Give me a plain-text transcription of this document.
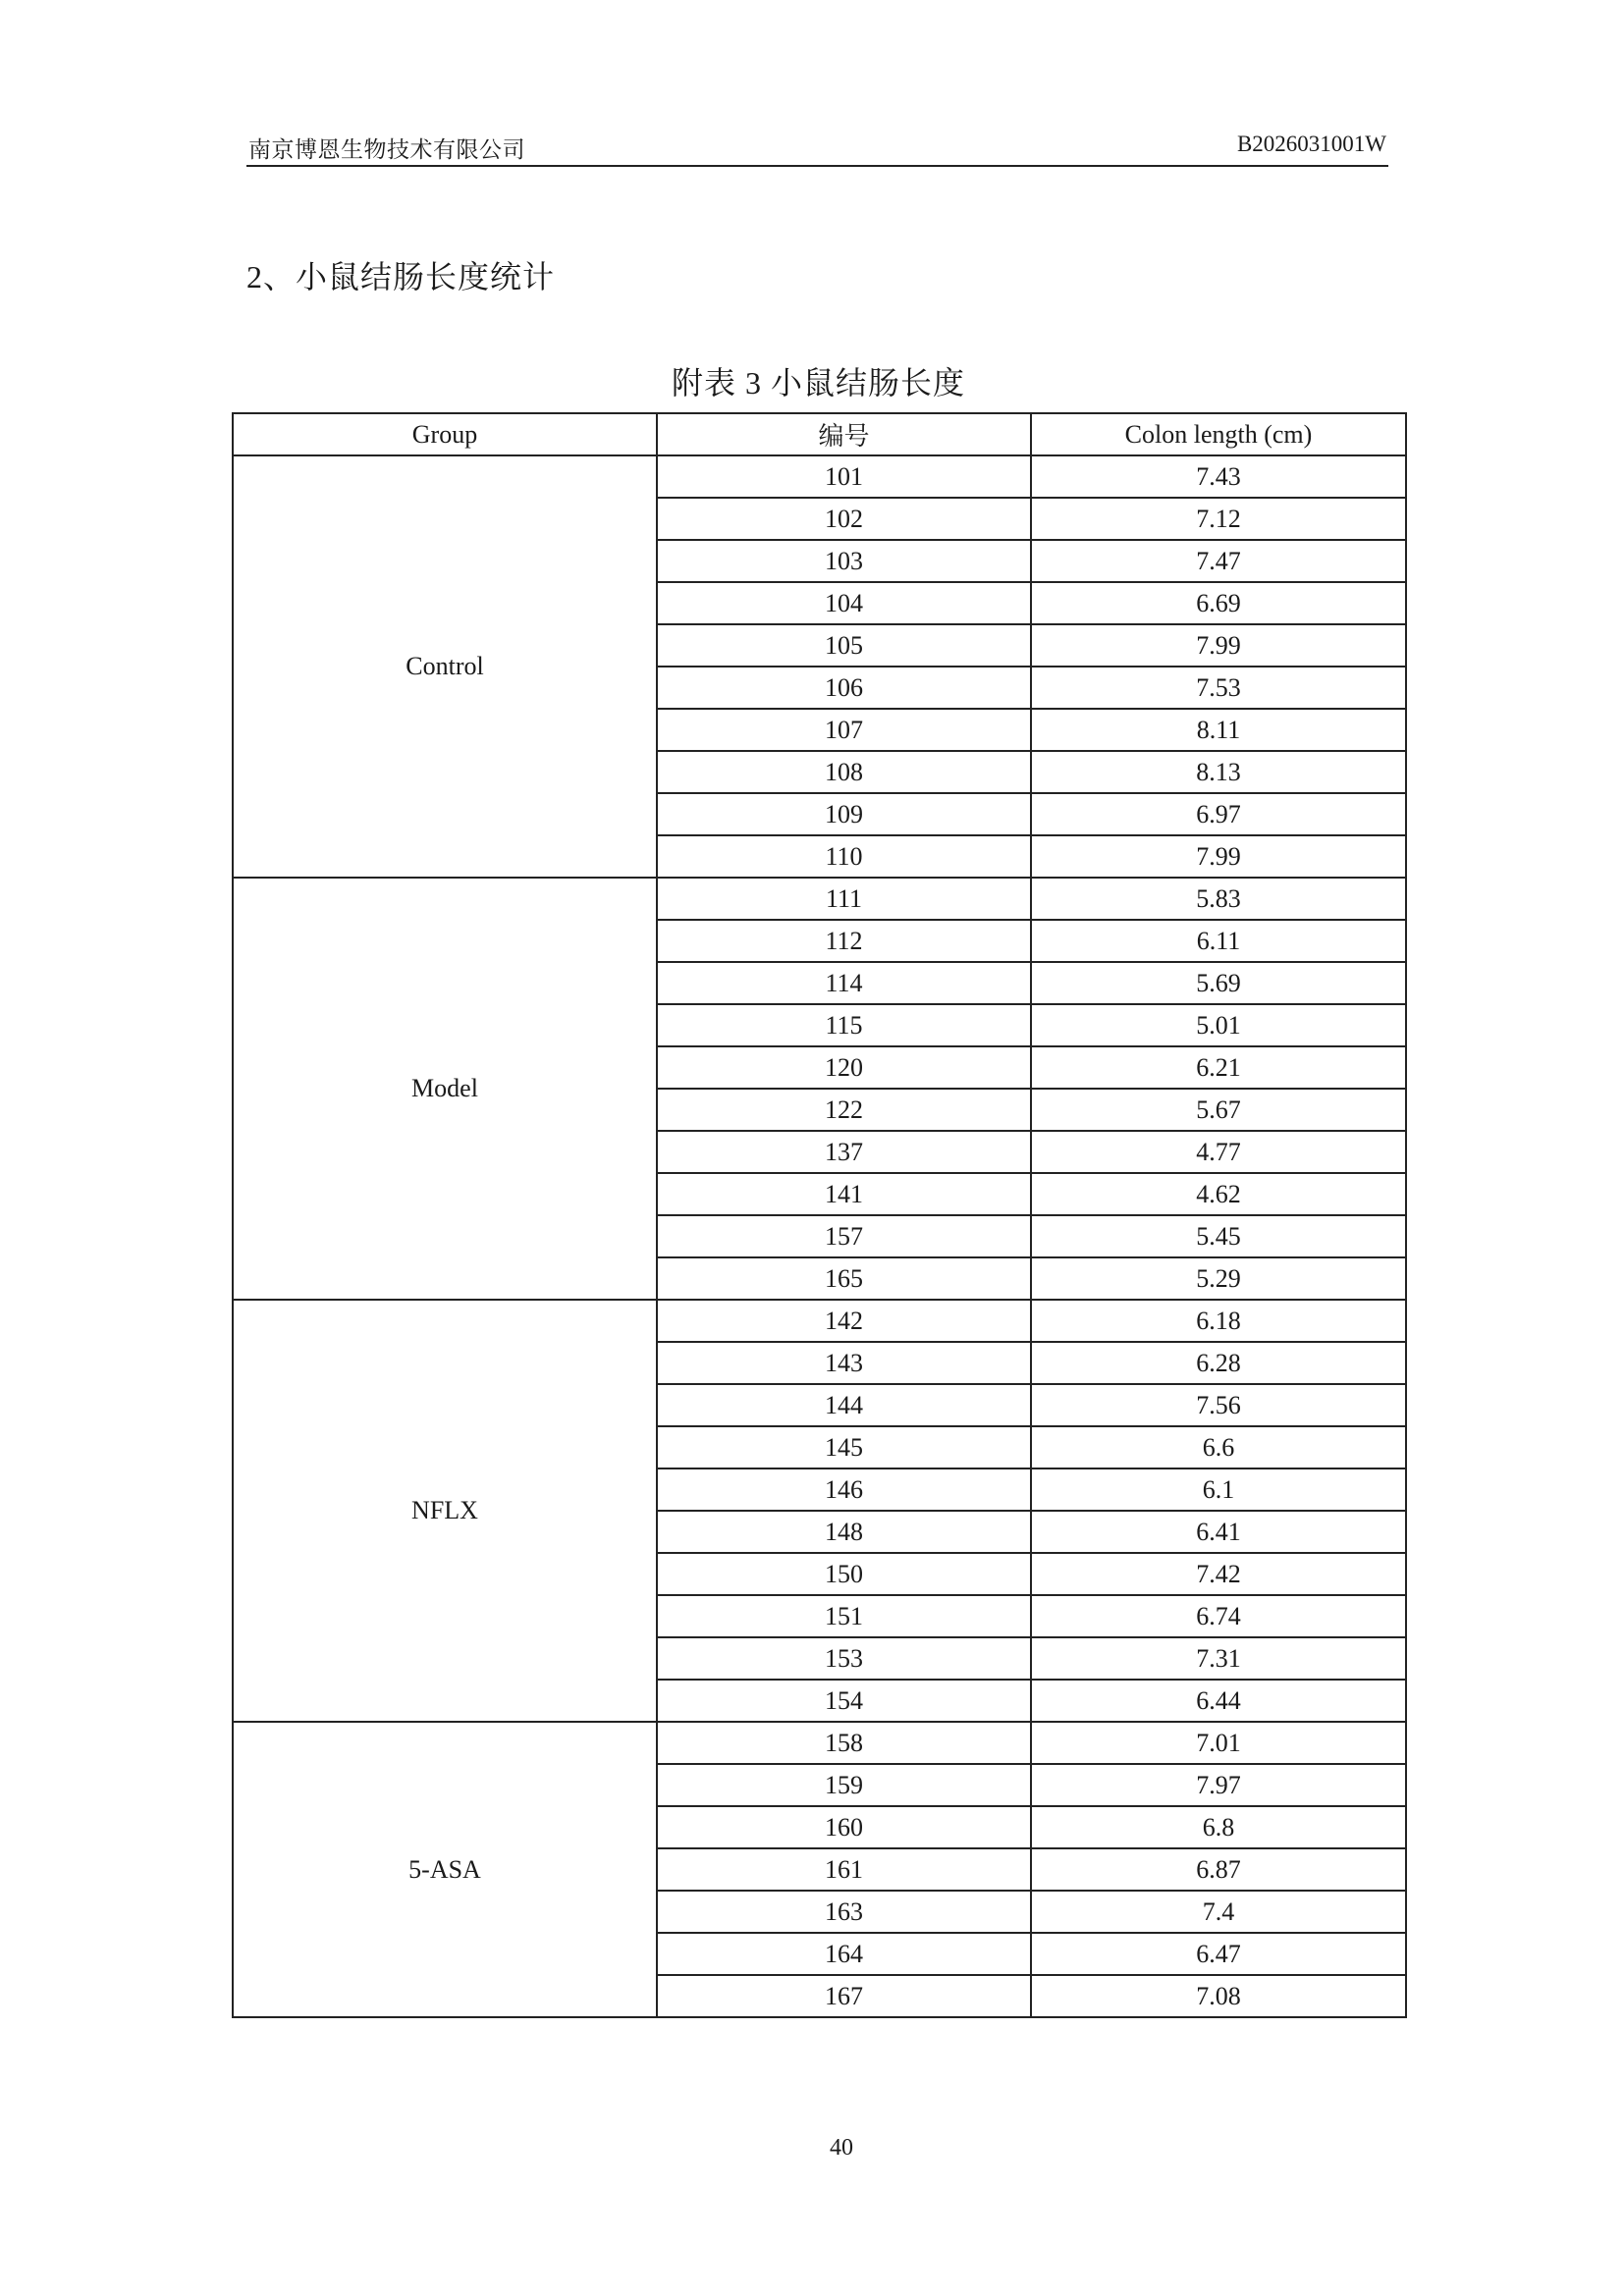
南京博恩生物技术有限公司	B2026031001W
2、小鼠结肠长度统计
附表 3 小鼠结肠长度
Group	编号	Colon length (cm)
Control	101	7.43
	102	7.12
	103	7.47
	104	6.69
	105	7.99
	106	7.53
	107	8.11
	108	8.13
	109	6.97
	110	7.99
Model	111	5.83
	112	6.11
	114	5.69
	115	5.01
	120	6.21
	122	5.67
	137	4.77
	141	4.62
	157	5.45
	165	5.29
NFLX	142	6.18
	143	6.28
	144	7.56
	145	6.6
	146	6.1
	148	6.41
	150	7.42
	151	6.74
	153	7.31
	154	6.44
5-ASA	158	7.01
	159	7.97
	160	6.8
	161	6.87
	163	7.4
	164	6.47
	167	7.08
40
